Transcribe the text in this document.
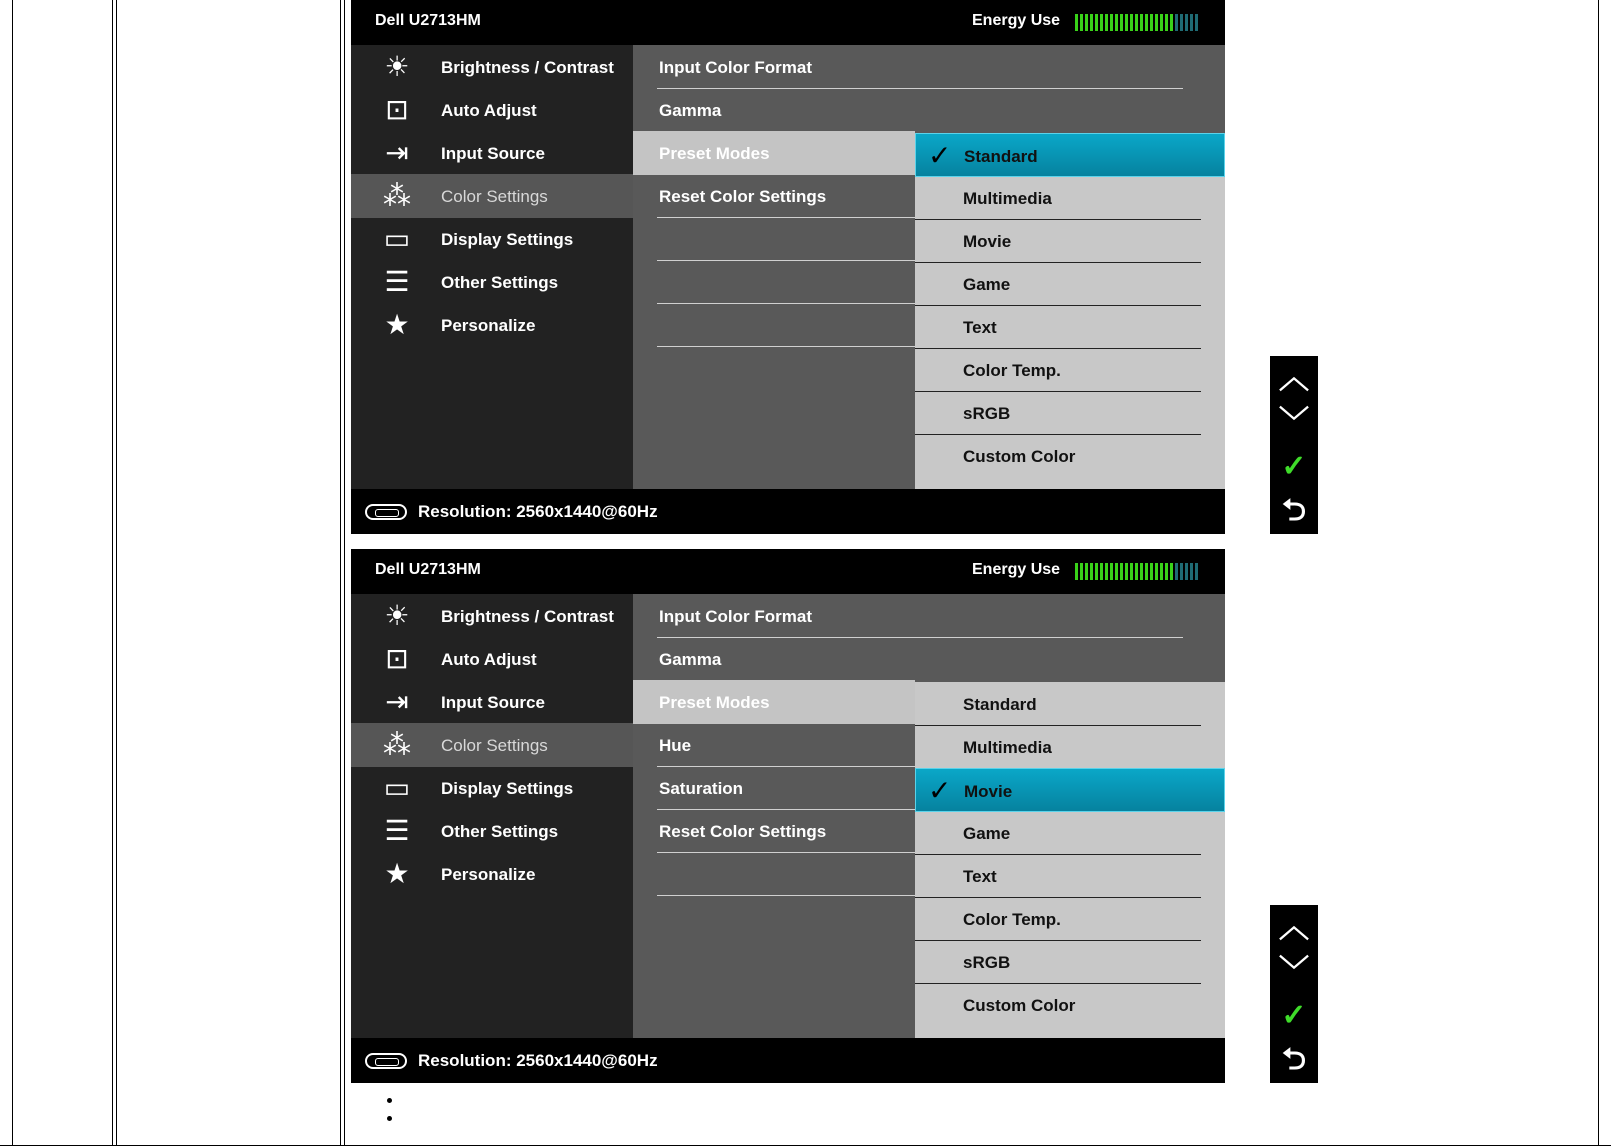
Dell U2713HM	Energy Use
☀	Brightness / Contrast
⊡	Auto Adjust
⇥	Input Source
⁂ Color Settings
▭ Display Settings
☰	Other Settings
★	Personalize
Input Color Format
Gamma
Preset Modes
Reset Color Settings
✓ Standard
Multimedia
Movie
Game
Text
Color Temp.
sRGB
Custom Color
Resolution: 2560x1440@60Hz
Dell U2713HM	Energy Use
☀	Brightness / Contrast
⊡	Auto Adjust
⇥	Input Source
⁂ Color Settings
▭ Display Settings
☰	Other Settings
★	Personalize
Input Color Format
Gamma
Preset Modes
Hue
Saturation
Reset Color Settings
Standard
Multimedia
✓ Movie
Game
Text
Color Temp.
sRGB
Custom Color
Resolution: 2560x1440@60Hz
︿
﹀
✓
⮌
︿
﹀
✓
⮌
